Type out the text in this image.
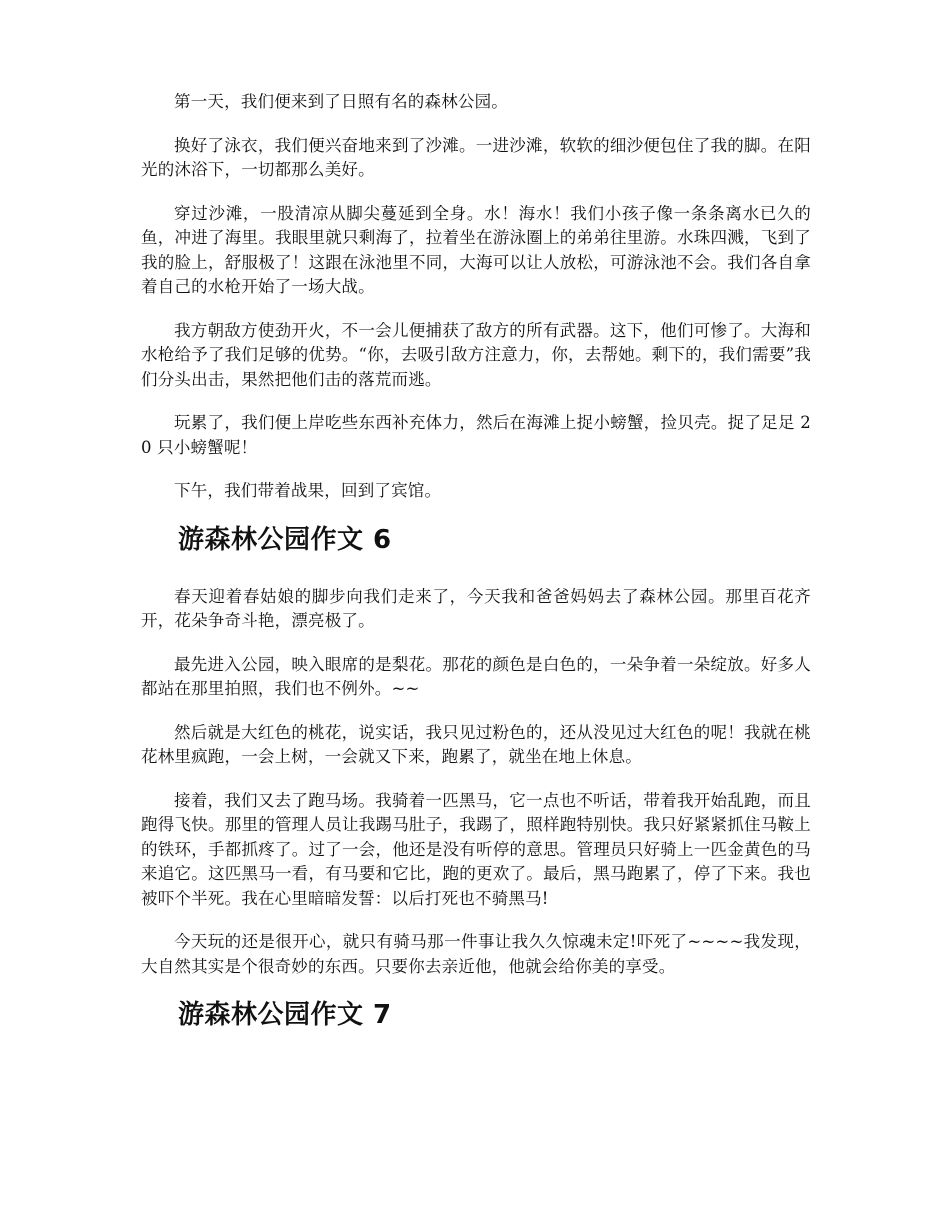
第一天，我们便来到了日照有名的森林公园。

换好了泳衣，我们便兴奋地来到了沙滩。一进沙滩，软软的细沙便包住了我的脚。在阳光的沐浴下，一切都那么美好。

穿过沙滩，一股清凉从脚尖蔓延到全身。水！海水！我们小孩子像一条条离水已久的鱼，冲进了海里。我眼里就只剩海了，拉着坐在游泳圈上的弟弟往里游。水珠四溅，飞到了我的脸上，舒服极了！这跟在泳池里不同，大海可以让人放松，可游泳池不会。我们各自拿着自己的水枪开始了一场大战。

我方朝敌方使劲开火，不一会儿便捕获了敌方的所有武器。这下，他们可惨了。大海和水枪给予了我们足够的优势。“你，去吸引敌方注意力，你，去帮她。剩下的，我们需要”我们分头出击，果然把他们击的落荒而逃。

玩累了，我们便上岸吃些东西补充体力，然后在海滩上捉小螃蟹，捡贝壳。捉了足足 20 只小螃蟹呢！

下午，我们带着战果，回到了宾馆。

游森林公园作文 6

春天迎着春姑娘的脚步向我们走来了，今天我和爸爸妈妈去了森林公园。那里百花齐开，花朵争奇斗艳，漂亮极了。

最先进入公园，映入眼席的是梨花。那花的颜色是白色的，一朵争着一朵绽放。好多人都站在那里拍照，我们也不例外。~~

然后就是大红色的桃花，说实话，我只见过粉色的，还从没见过大红色的呢！我就在桃花林里疯跑，一会上树，一会就又下来，跑累了，就坐在地上休息。

接着，我们又去了跑马场。我骑着一匹黑马，它一点也不听话，带着我开始乱跑，而且跑得飞快。那里的管理人员让我踢马肚子，我踢了，照样跑特别快。我只好紧紧抓住马鞍上的铁环，手都抓疼了。过了一会，他还是没有听停的意思。管理员只好骑上一匹金黄色的马来追它。这匹黑马一看，有马要和它比，跑的更欢了。最后，黑马跑累了，停了下来。我也被吓个半死。我在心里暗暗发誓：以后打死也不骑黑马!

今天玩的还是很开心，就只有骑马那一件事让我久久惊魂未定!吓死了~~~~我发现，大自然其实是个很奇妙的东西。只要你去亲近他，他就会给你美的享受。

游森林公园作文 7
